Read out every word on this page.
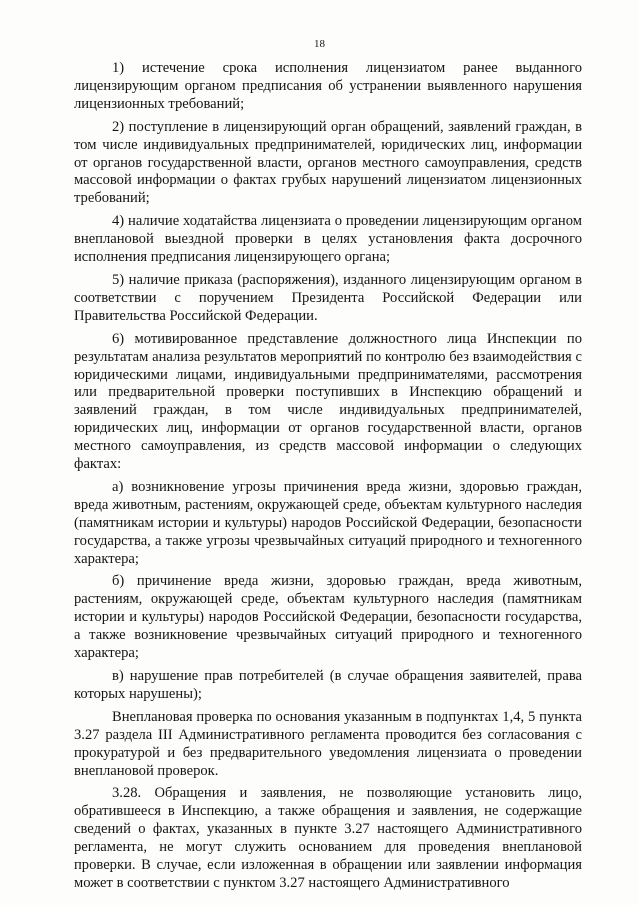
18

1) истечение срока исполнения лицензиатом ранее выданного лицензирующим органом предписания об устранении выявленного нарушения лицензионных требований;

2) поступление в лицензирующий орган обращений, заявлений граждан, в том числе индивидуальных предпринимателей, юридических лиц, информации от органов государственной власти, органов местного самоуправления, средств массовой информации о фактах грубых нарушений лицензиатом лицензионных требований;

4) наличие ходатайства лицензиата о проведении лицензирующим органом внеплановой выездной проверки в целях установления факта досрочного исполнения предписания лицензирующего органа;

5) наличие приказа (распоряжения), изданного лицензирующим органом в соответствии с поручением Президента Российской Федерации или Правительства Российской Федерации.

6) мотивированное представление должностного лица Инспекции по результатам анализа результатов мероприятий по контролю без взаимодействия с юридическими лицами, индивидуальными предпринимателями, рассмотрения или предварительной проверки поступивших в Инспекцию обращений и заявлений граждан, в том числе индивидуальных предпринимателей, юридических лиц, информации от органов государственной власти, органов местного самоуправления, из средств массовой информации о следующих фактах:

а) возникновение угрозы причинения вреда жизни, здоровью граждан, вреда животным, растениям, окружающей среде, объектам культурного наследия (памятникам истории и культуры) народов Российской Федерации, безопасности государства, а также угрозы чрезвычайных ситуаций природного и техногенного характера;

б) причинение вреда жизни, здоровью граждан, вреда животным, растениям, окружающей среде, объектам культурного наследия (памятникам истории и культуры) народов Российской Федерации, безопасности государства, а также возникновение чрезвычайных ситуаций природного и техногенного характера;

в) нарушение прав потребителей (в случае обращения заявителей, права которых нарушены);

Внеплановая проверка по основания указанным в подпунктах 1,4, 5 пункта 3.27 раздела III Административного регламента проводится без согласования с прокуратурой и без предварительного уведомления лицензиата о проведении внеплановой проверок.

3.28. Обращения и заявления, не позволяющие установить лицо, обратившееся в Инспекцию, а также обращения и заявления, не содержащие сведений о фактах, указанных в пункте 3.27 настоящего Административного регламента, не могут служить основанием для проведения внеплановой проверки. В случае, если изложенная в обращении или заявлении информация может в соответствии с пунктом 3.27 настоящего Административного
